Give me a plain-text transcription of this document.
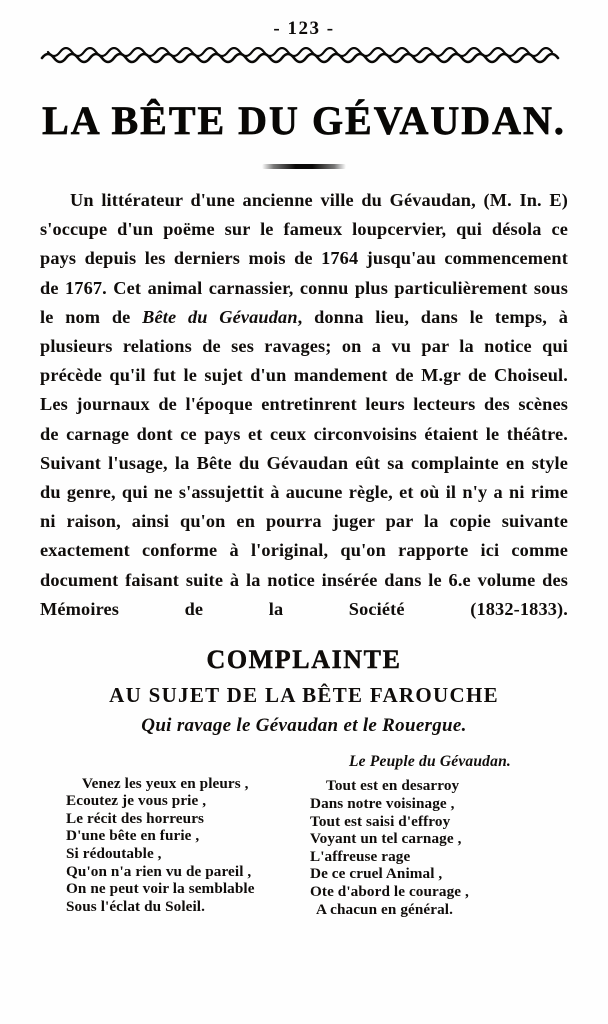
- 123 -
LA BÊTE DU GÉVAUDAN.

Un littérateur d'une ancienne ville du Gévaudan, (M. In. E) s'occupe d'un poëme sur le fameux loupcervier, qui désola ce pays depuis les derniers mois de 1764 jusqu'au commencement de 1767. Cet animal carnassier, connu plus particulièrement sous le nom de Bête du Gévaudan, donna lieu, dans le temps, à plusieurs relations de ses ravages; on a vu par la notice qui précède qu'il fut le sujet d'un mandement de M.gr de Choiseul. Les journaux de l'époque entretinrent leurs lecteurs des scènes de carnage dont ce pays et ceux circonvoisins étaient le théâtre. Suivant l'usage, la Bête du Gévaudan eût sa complainte en style du genre, qui ne s'assujettit à aucune règle, et où il n'y a ni rime ni raison, ainsi qu'on en pourra juger par la copie suivante exactement conforme à l'original, qu'on rapporte ici comme document faisant suite à la notice insérée dans le 6.e volume des Mémoires de la Société (1832-1833).

COMPLAINTE
AU SUJET DE LA BÊTE FAROUCHE
Qui ravage le Gévaudan et le Rouergue.
Venez les yeux en pleurs ,
Ecoutez je vous prie ,
Le récit des horreurs
D'une bête en furie ,
Si rédoutable ,
Qu'on n'a rien vu de pareil ,
On ne peut voir la semblable
Sous l'éclat du Soleil.
Le Peuple du Gévaudan.
Tout est en desarroy
Dans notre voisinage ,
Tout est saisi d'effroy
Voyant un tel carnage ,
L'affreuse rage
De ce cruel Animal ,
Ote d'abord le courage ,
A chacun en général.
